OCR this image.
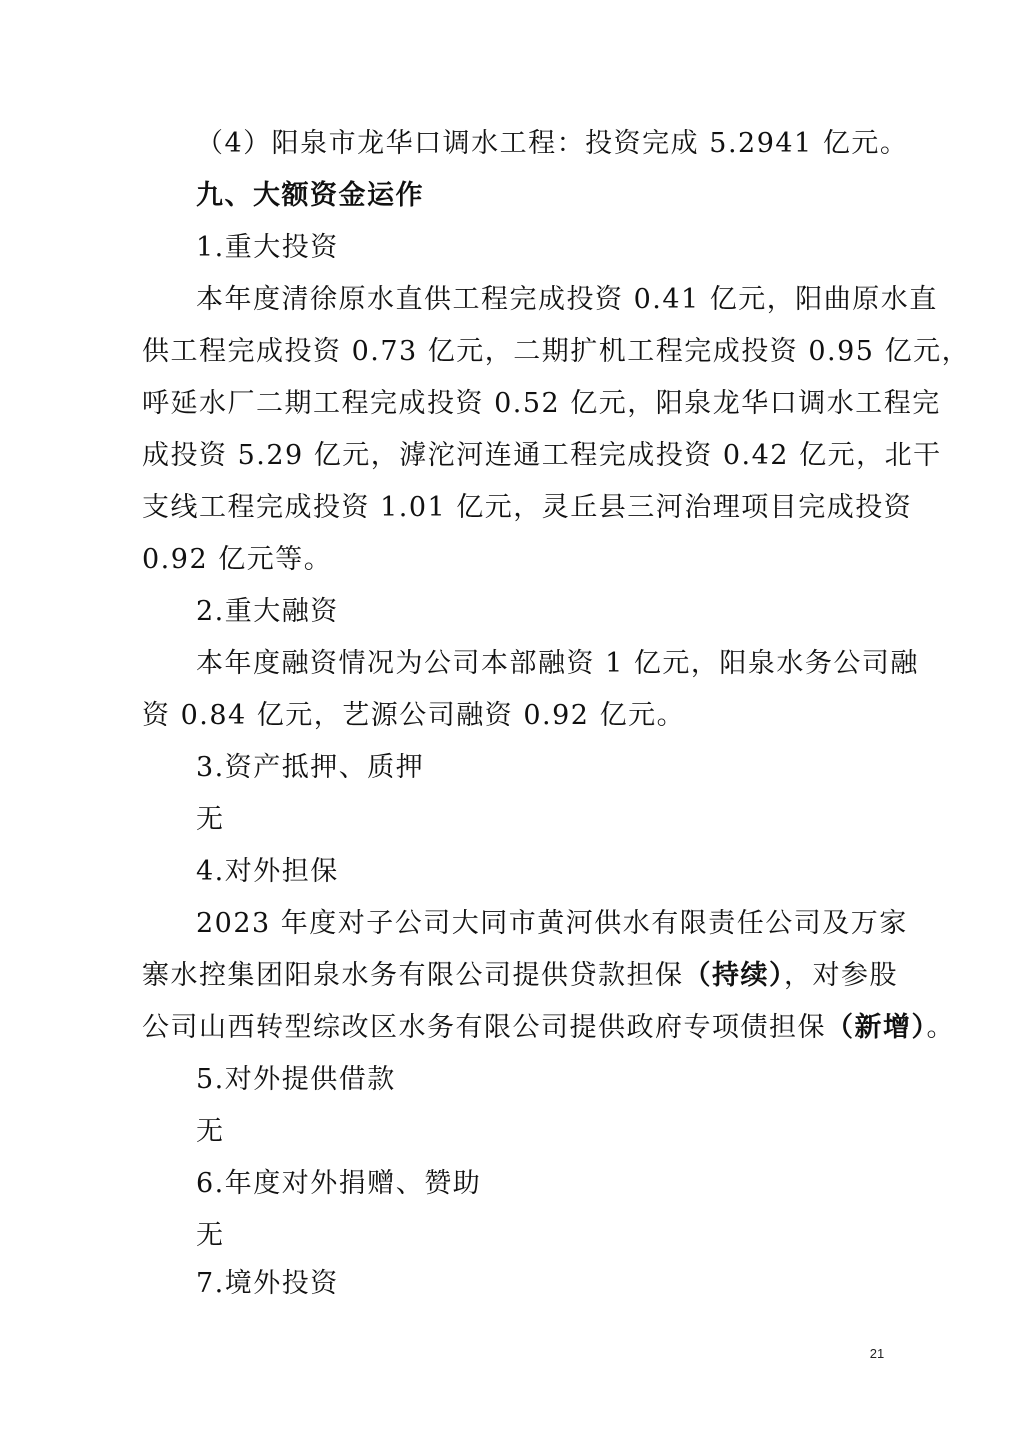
（4）阳泉市龙华口调水工程：投资完成 5.2941 亿元。
九、大额资金运作
1.重大投资
本年度清徐原水直供工程完成投资 0.41 亿元，阳曲原水直
供工程完成投资 0.73 亿元，二期扩机工程完成投资 0.95 亿元，
呼延水厂二期工程完成投资 0.52 亿元，阳泉龙华口调水工程完
成投资 5.29 亿元，滹沱河连通工程完成投资 0.42 亿元，北干
支线工程完成投资 1.01 亿元，灵丘县三河治理项目完成投资
0.92 亿元等。
2.重大融资
本年度融资情况为公司本部融资 1 亿元，阳泉水务公司融
资 0.84 亿元，艺源公司融资 0.92 亿元。
3.资产抵押、质押
无
4.对外担保
2023 年度对子公司大同市黄河供水有限责任公司及万家
寨水控集团阳泉水务有限公司提供贷款担保（持续），对参股
公司山西转型综改区水务有限公司提供政府专项债担保（新增）。
5.对外提供借款
无
6.年度对外捐赠、赞助
无
7.境外投资
21
